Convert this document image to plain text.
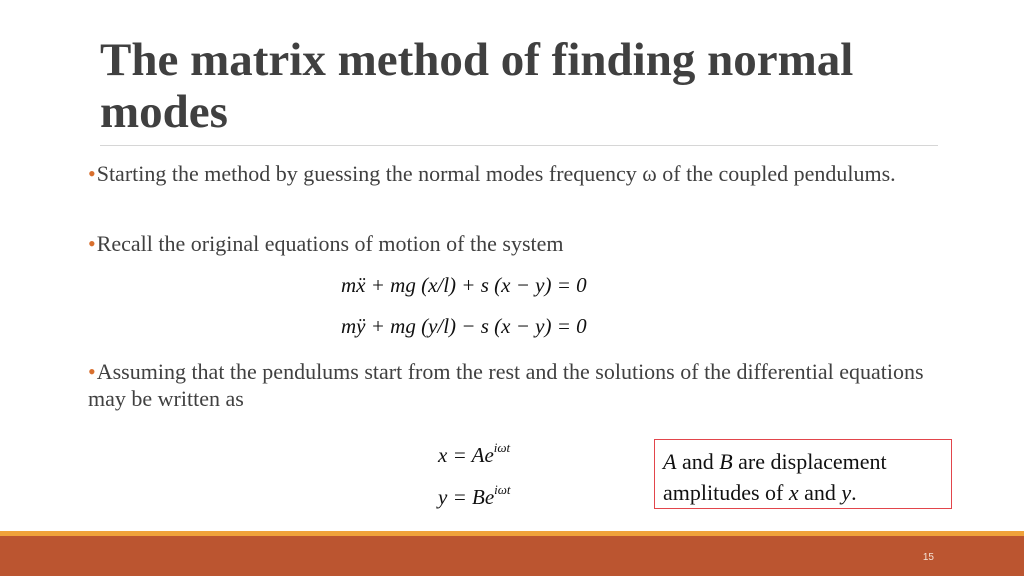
The matrix method of finding normal modes
•Starting the method by guessing the normal modes frequency ω of the coupled pendulums.
•Recall the original equations of motion of the system
mẍ + mg (x/l) + s (x − y) = 0
mÿ + mg (y/l) − s (x − y) = 0
•Assuming that the pendulums start from the rest and the solutions of the differential equations may be written as
$x = Ae^{i\omega t}$
$y = Be^{i\omega t}$
A and B are displacement amplitudes of x and y.
15
